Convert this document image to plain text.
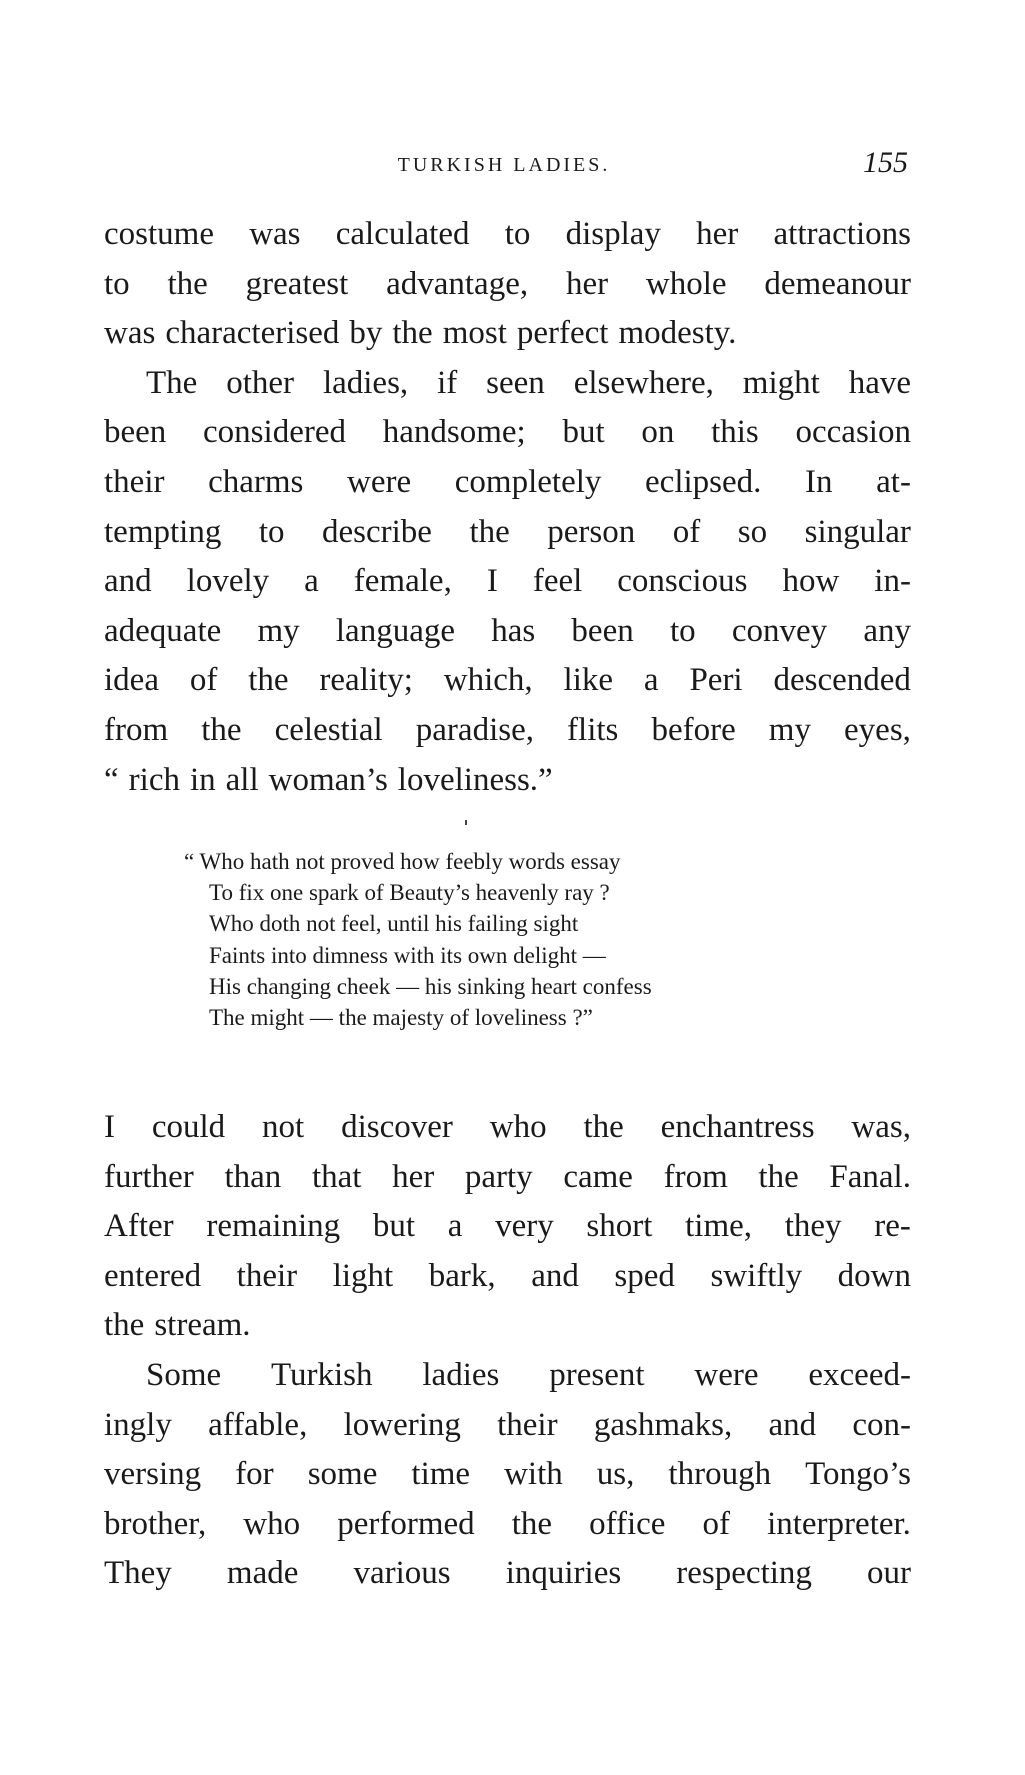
TURKISH LADIES.	155
costume was calculated to display her attractions
to the greatest advantage, her whole demeanour
was characterised by the most perfect modesty.
The other ladies, if seen elsewhere, might have
been considered handsome; but on this occasion
their charms were completely eclipsed. In at-
tempting to describe the person of so singular
and lovely a female, I feel conscious how in-
adequate my language has been to convey any
idea of the reality; which, like a Peri descended
from the celestial paradise, flits before my eyes,
“ rich in all woman’s loveliness.”
“ Who hath not proved how feebly words essay
To fix one spark of Beauty’s heavenly ray ?
Who doth not feel, until his failing sight
Faints into dimness with its own delight —
His changing cheek — his sinking heart confess
The might — the majesty of loveliness ?”
I could not discover who the enchantress was,
further than that her party came from the Fanal.
After remaining but a very short time, they re-
entered their light bark, and sped swiftly down
the stream.
Some Turkish ladies present were exceed-
ingly affable, lowering their gashmaks, and con-
versing for some time with us, through Tongo’s
brother, who performed the office of interpreter.
They made various inquiries respecting our
